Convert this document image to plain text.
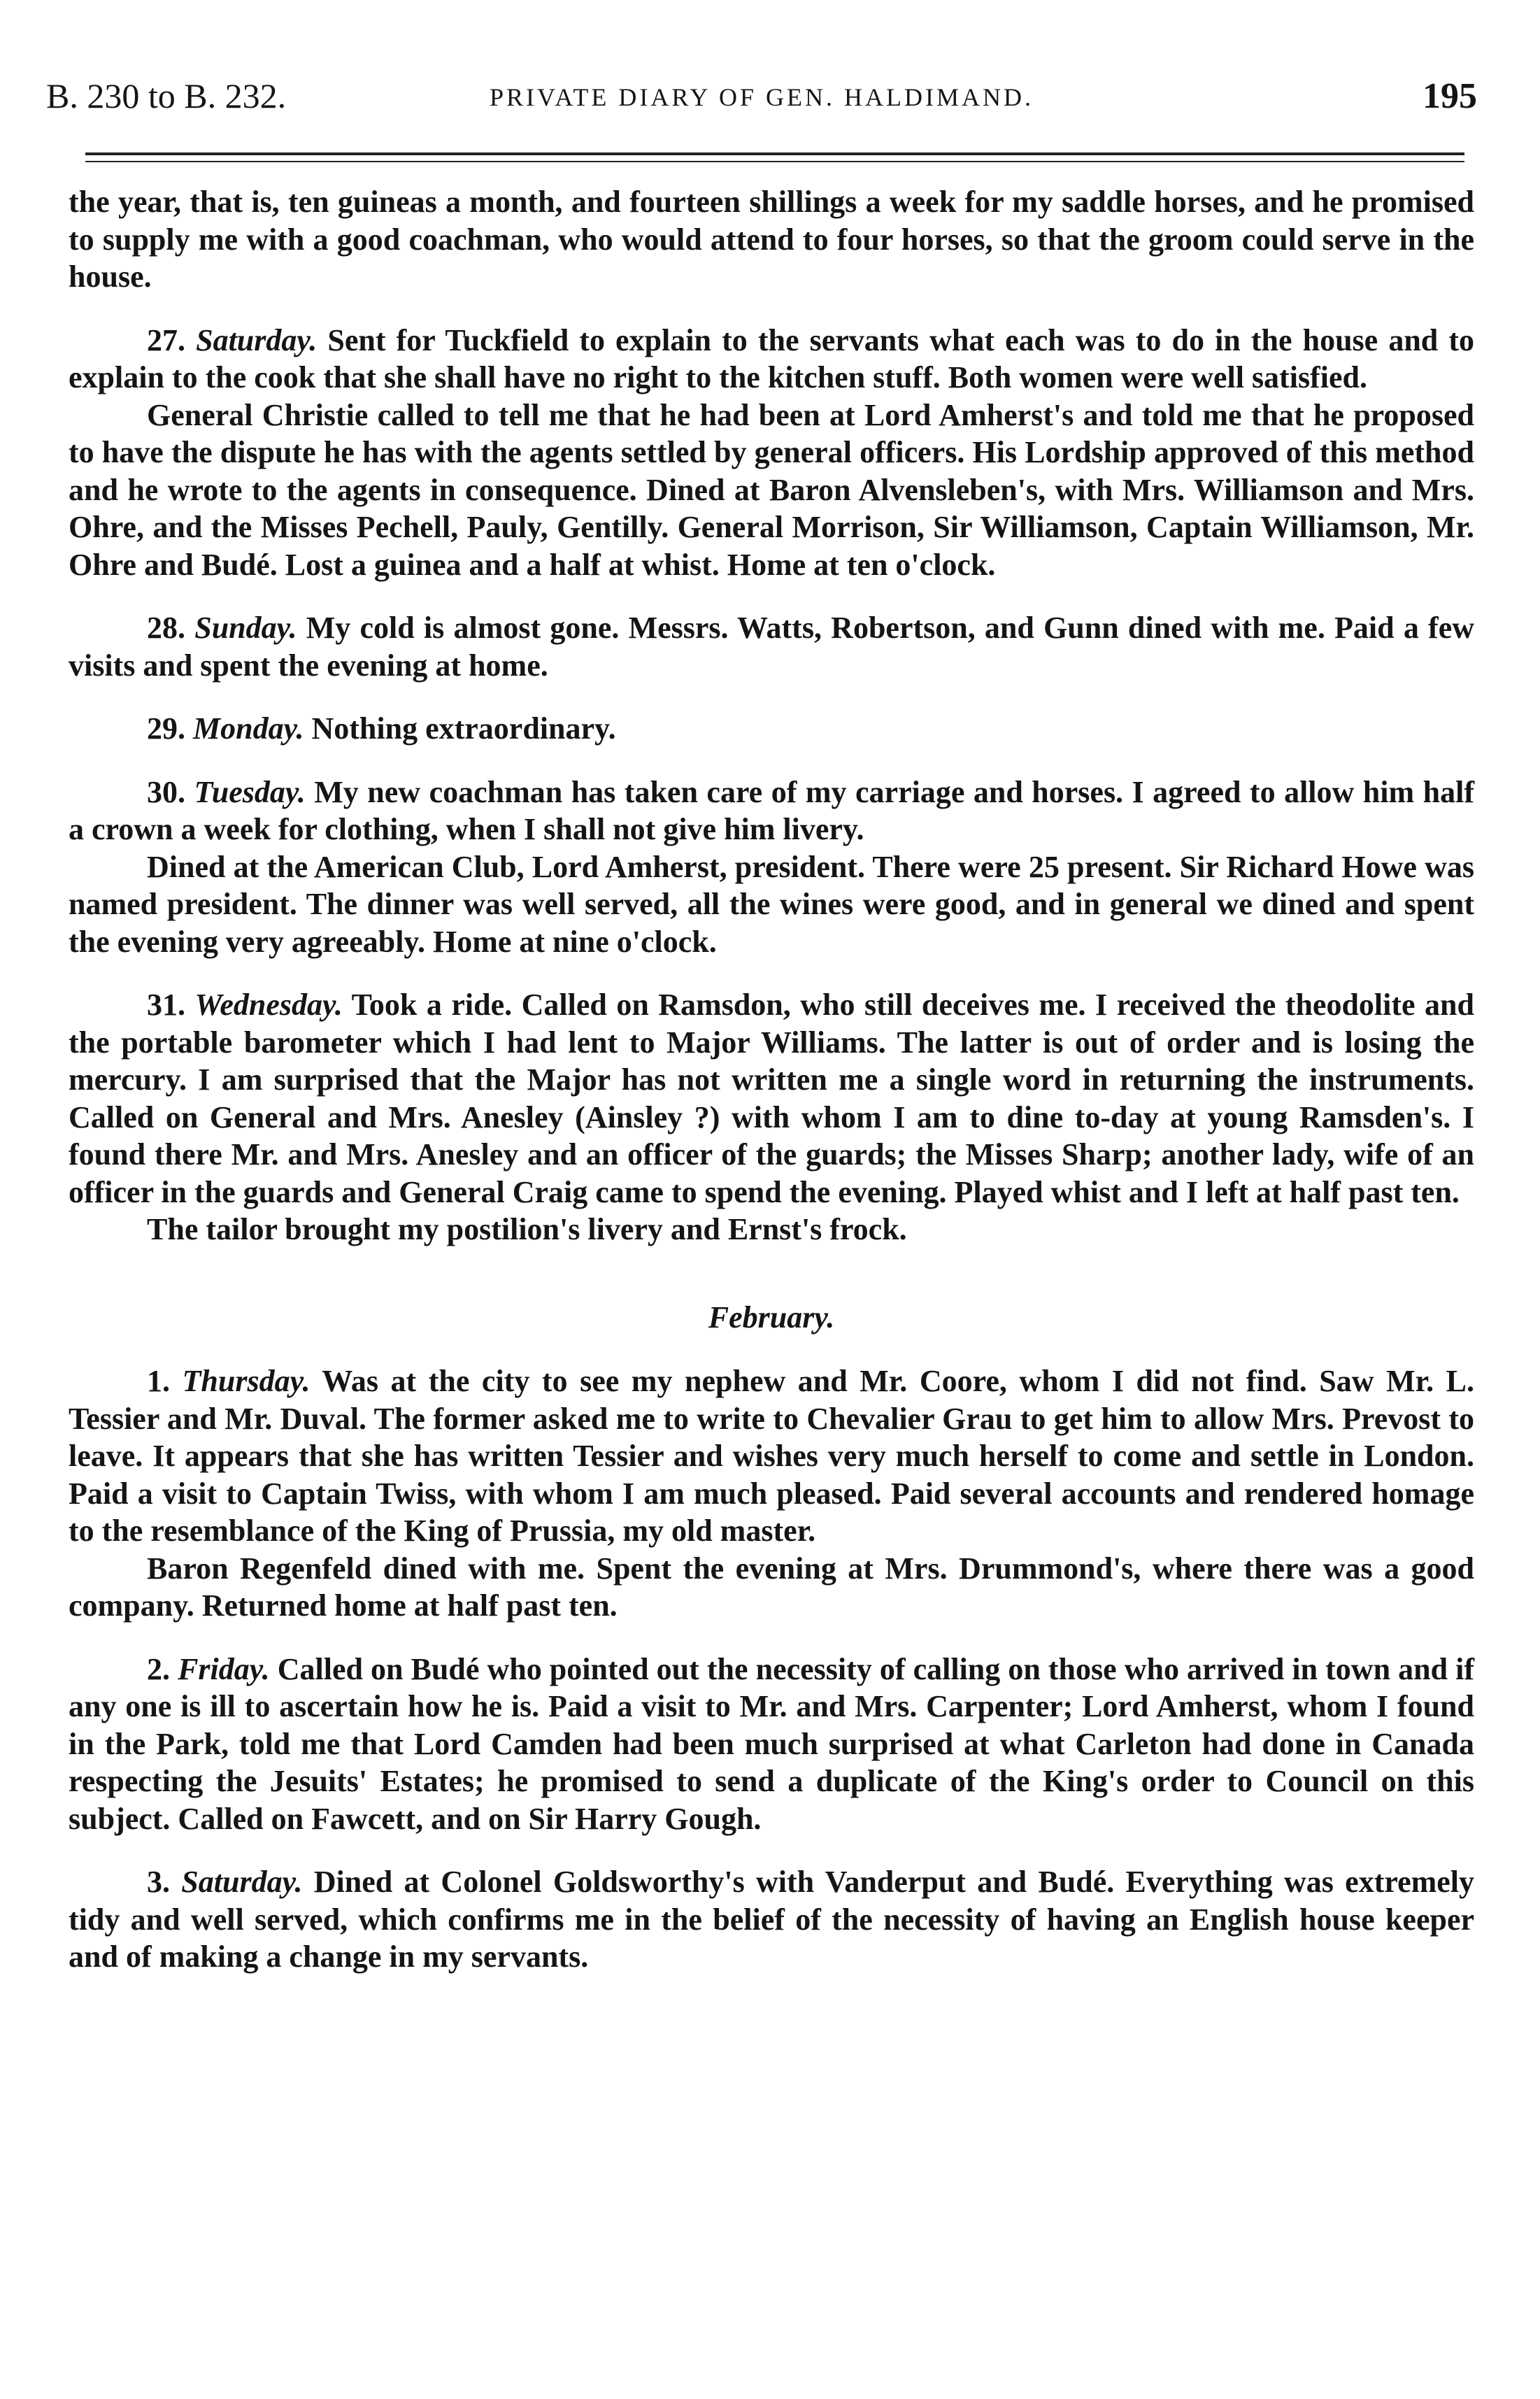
B. 230 to B. 232.	PRIVATE DIARY OF GEN. HALDIMAND.	195

the year, that is, ten guineas a month, and fourteen shillings a week for my saddle horses, and he promised to supply me with a good coachman, who would attend to four horses, so that the groom could serve in the house.

27. Saturday. Sent for Tuckfield to explain to the servants what each was to do in the house and to explain to the cook that she shall have no right to the kitchen stuff. Both women were well satisfied.

General Christie called to tell me that he had been at Lord Amherst's and told me that he proposed to have the dispute he has with the agents settled by general officers. His Lordship approved of this method and he wrote to the agents in consequence. Dined at Baron Alvensleben's, with Mrs. Williamson and Mrs. Ohre, and the Misses Pechell, Pauly, Gentilly. General Morrison, Sir Williamson, Captain Williamson, Mr. Ohre and Budé. Lost a guinea and a half at whist. Home at ten o'clock.

28. Sunday. My cold is almost gone. Messrs. Watts, Robertson, and Gunn dined with me. Paid a few visits and spent the evening at home.

29. Monday. Nothing extraordinary.

30. Tuesday. My new coachman has taken care of my carriage and horses. I agreed to allow him half a crown a week for clothing, when I shall not give him livery.

Dined at the American Club, Lord Amherst, president. There were 25 present. Sir Richard Howe was named president. The dinner was well served, all the wines were good, and in general we dined and spent the evening very agreeably. Home at nine o'clock.

31. Wednesday. Took a ride. Called on Ramsdon, who still deceives me. I received the theodolite and the portable barometer which I had lent to Major Williams. The latter is out of order and is losing the mercury. I am surprised that the Major has not written me a single word in returning the instruments. Called on General and Mrs. Anesley (Ainsley ?) with whom I am to dine to-day at young Ramsden's. I found there Mr. and Mrs. Anesley and an officer of the guards; the Misses Sharp; another lady, wife of an officer in the guards and General Craig came to spend the evening. Played whist and I left at half past ten.

The tailor brought my postilion's livery and Ernst's frock.

February.

1. Thursday. Was at the city to see my nephew and Mr. Coore, whom I did not find. Saw Mr. L. Tessier and Mr. Duval. The former asked me to write to Chevalier Grau to get him to allow Mrs. Prevost to leave. It appears that she has written Tessier and wishes very much herself to come and settle in London. Paid a visit to Captain Twiss, with whom I am much pleased. Paid several accounts and rendered homage to the resemblance of the King of Prussia, my old master.

Baron Regenfeld dined with me. Spent the evening at Mrs. Drummond's, where there was a good company. Returned home at half past ten.

2. Friday. Called on Budé who pointed out the necessity of calling on those who arrived in town and if any one is ill to ascertain how he is. Paid a visit to Mr. and Mrs. Carpenter; Lord Amherst, whom I found in the Park, told me that Lord Camden had been much surprised at what Carleton had done in Canada respecting the Jesuits' Estates; he promised to send a duplicate of the King's order to Council on this subject. Called on Fawcett, and on Sir Harry Gough.

3. Saturday. Dined at Colonel Goldsworthy's with Vanderput and Budé. Everything was extremely tidy and well served, which confirms me in the belief of the necessity of having an English house keeper and of making a change in my servants.
